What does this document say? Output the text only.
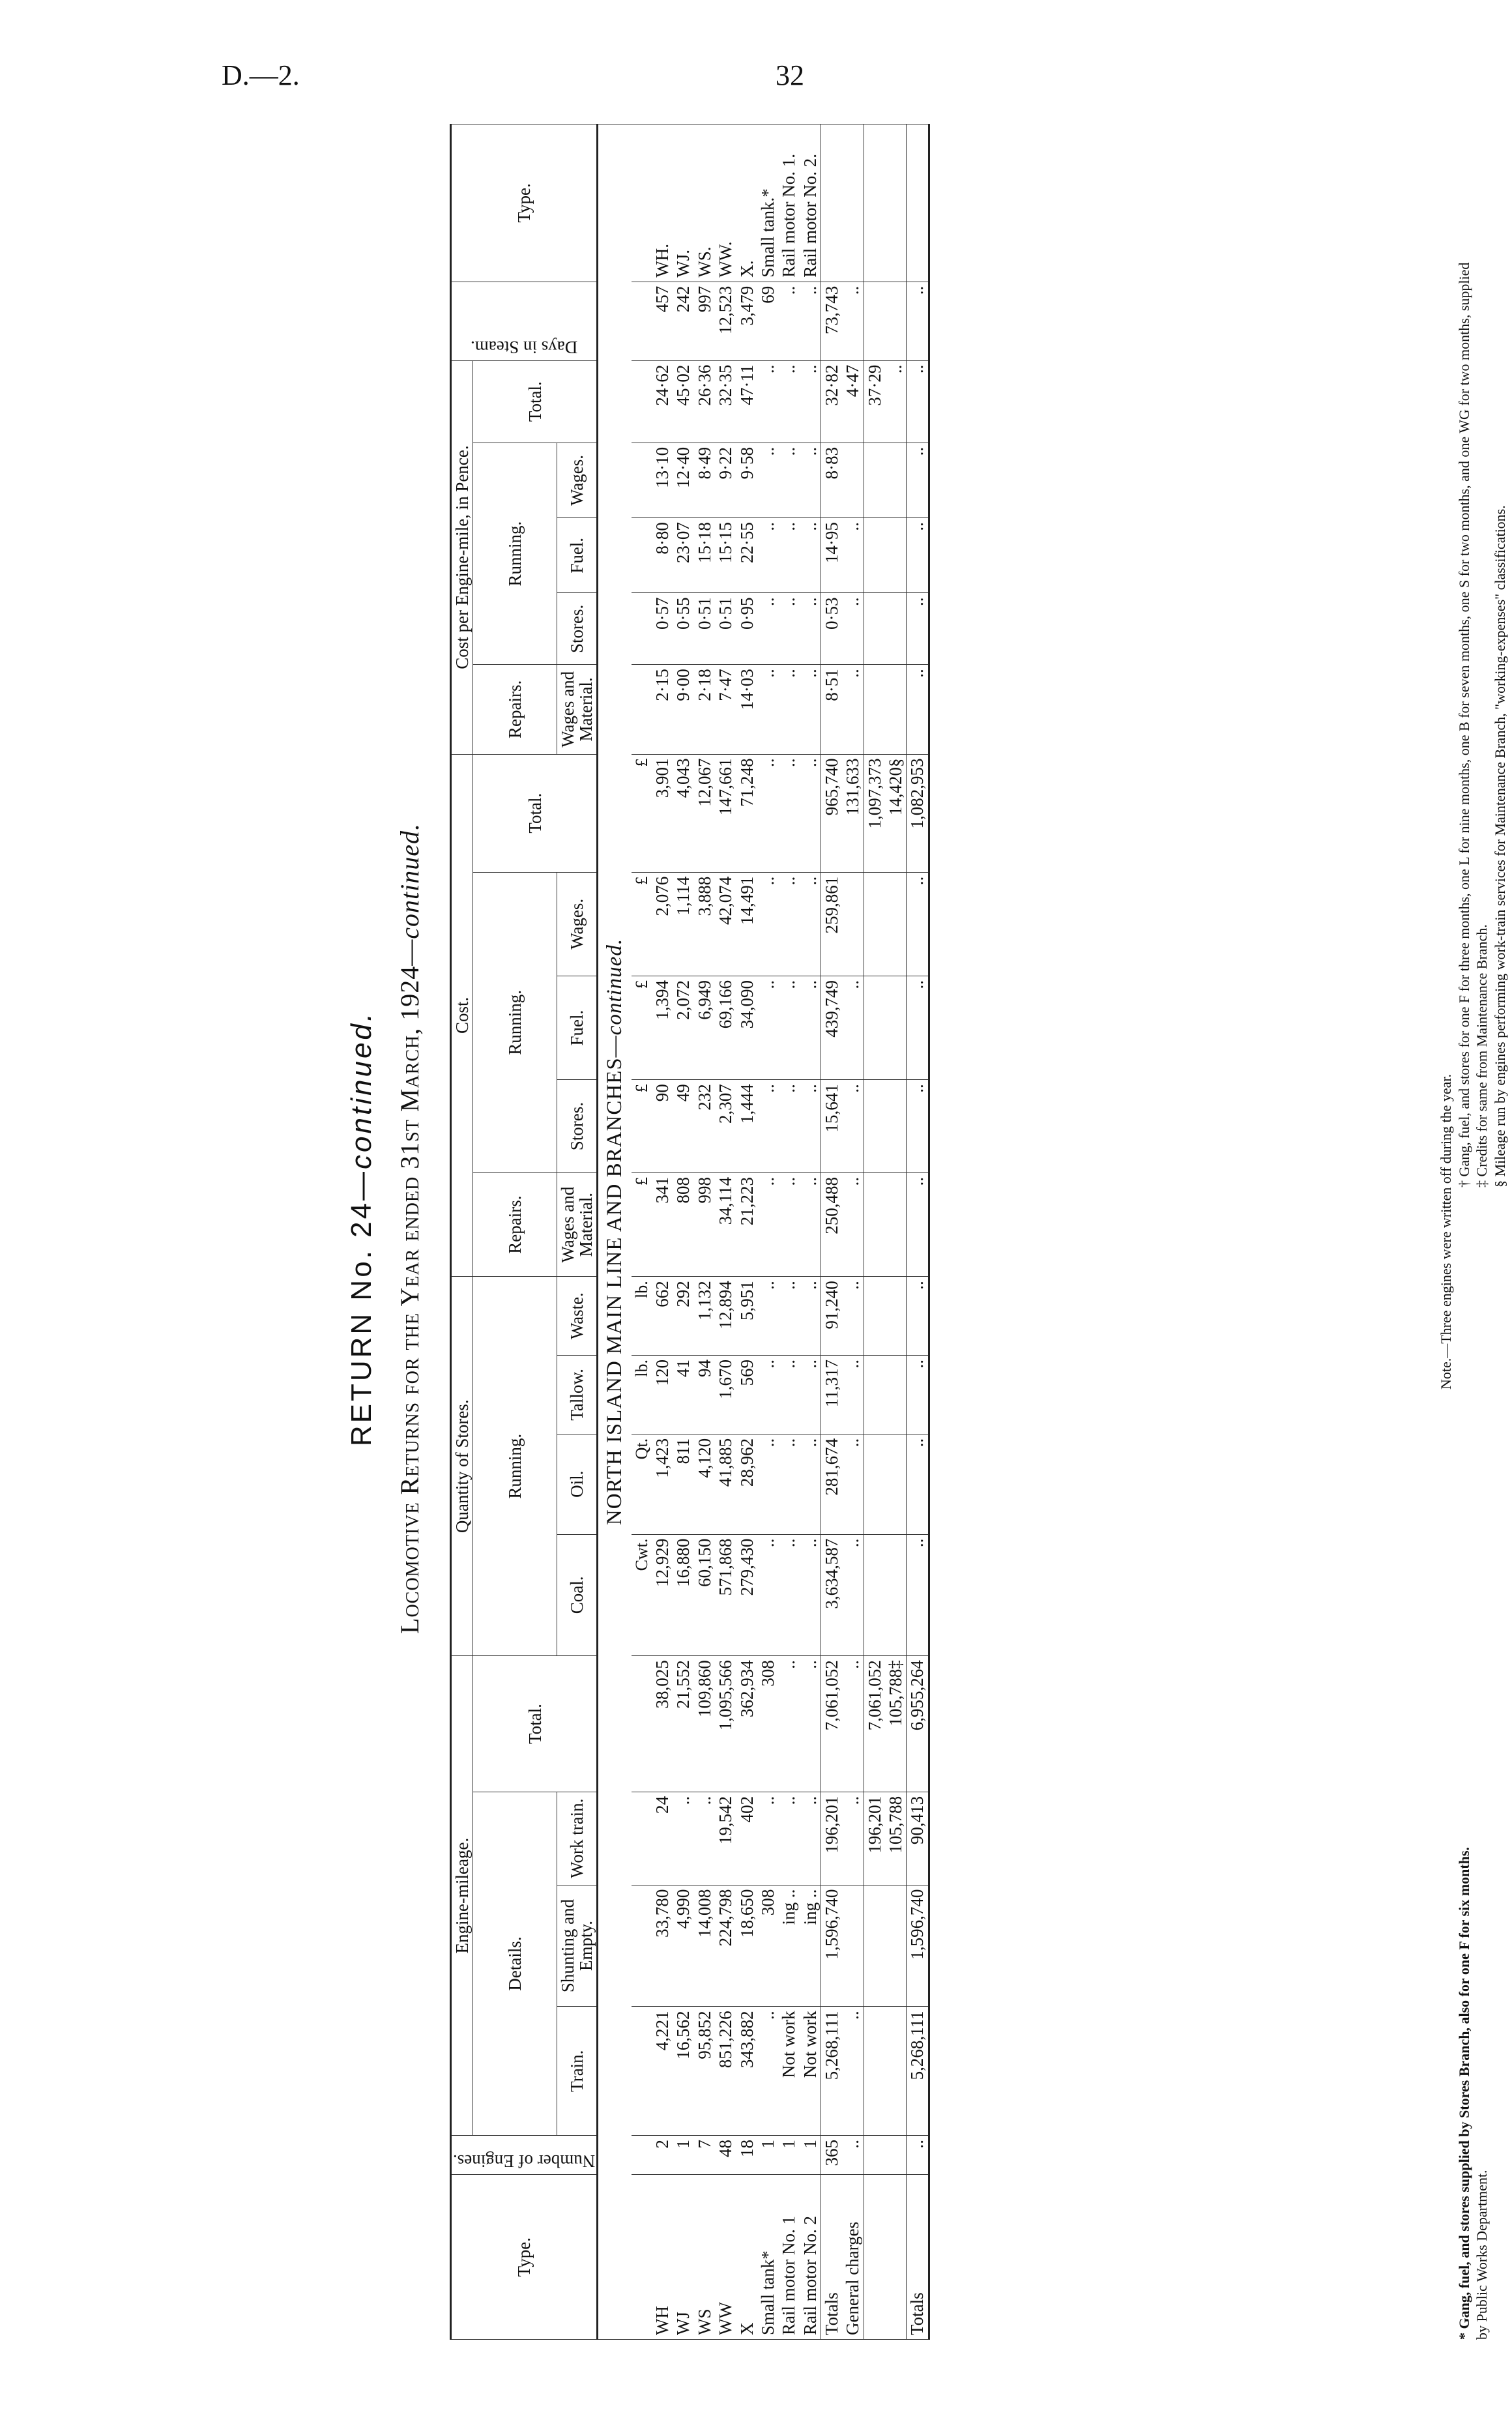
D.—2.	32
RETURN No. 24—continued. Locomotive Returns for the Year ended 31st March, 1924—continued.
Type.	Number of Engines.	Engine-mileage.				Quantity of Stores.				Cost.					Cost per Engine-mile, in Pence.					Days in Steam.	Type.
		Details.			Total.	Running.				Repairs.	Running.			Total.	Repairs.	Running.			Total.		
		Train.	Shunting and Empty.	Work train.		Coal.	Oil.	Tallow.	Waste.	Wages and Material.	Stores.	Fuel.	Wages.		Wages and Material.	Stores.	Fuel.	Wages.			
NORTH ISLAND MAIN LINE AND BRANCHES—continued.																					
						Cwt.	Qt.	lb.	lb.	£	£	£	£	£							
WH	2	4,221	33,780	24	38,025	12,929	1,423	120	662	341	90	1,394	2,076	3,901	2·15	0·57	8·80	13·10	24·62	457	WH.
WJ	1	16,562	4,990	..	21,552	16,880	811	41	292	808	49	2,072	1,114	4,043	9·00	0·55	23·07	12·40	45·02	242	WJ.
WS	7	95,852	14,008	..	109,860	60,150	4,120	94	1,132	998	232	6,949	3,888	12,067	2·18	0·51	15·18	8·49	26·36	997	WS.
WW	48	851,226	224,798	19,542	1,095,566	571,868	41,885	1,670	12,894	34,114	2,307	69,166	42,074	147,661	7·47	0·51	15·15	9·22	32·35	12,523	WW.
X	18	343,882	18,650	402	362,934	279,430	28,962	569	5,951	21,223	1,444	34,090	14,491	71,248	14·03	0·95	22·55	9·58	47·11	3,479	X.
Small tank*	1	..	308	..	308	..	..	..	..	..	..	..	..	..	..	..	..	..	..	69	Small tank.*
Rail motor No. 1	1	Not work	ing ..	..	..	..	..	..	..	..	..	..	..	..	..	..	..	..	..	..	Rail motor No. 1.
Rail motor No. 2	1	Not work	ing ..	..	..	..	..	..	..	..	..	..	..	..	..	..	..	..	..	..	Rail motor No. 2.
Totals	365	5,268,111	1,596,740	196,201	7,061,052	3,634,587	281,674	11,317	91,240	250,488	15,641	439,749	259,861	965,740	8·51	0·53	14·95	8·83	32·82	73,743	
General charges	..	..		..	..	..	..	..	..	..	..	..		131,633	..	..	..		4·47	..	
				196,201	7,061,052									1,097,373					37·29		
				105,788	105,788‡									14,420§					..		
Totals	..	5,268,111	1,596,740	90,413	6,955,264	..	..	..	..	..	..	..	..	1,082,953	..	..	..	..	..	..	
Note.—Three engines were written off during the year.
* Gang, fuel, and stores supplied by Stores Branch, also for one F for six months. by Public Works Department.
† Gang, fuel, and stores for one F for three months, one L for nine months, one B for seven months, one S for two months, and one WG for two months, supplied ‡ Credits for same from Maintenance Branch. § Mileage run by engines performing work-train services for Maintenance Branch, "working-expenses" classifications.
